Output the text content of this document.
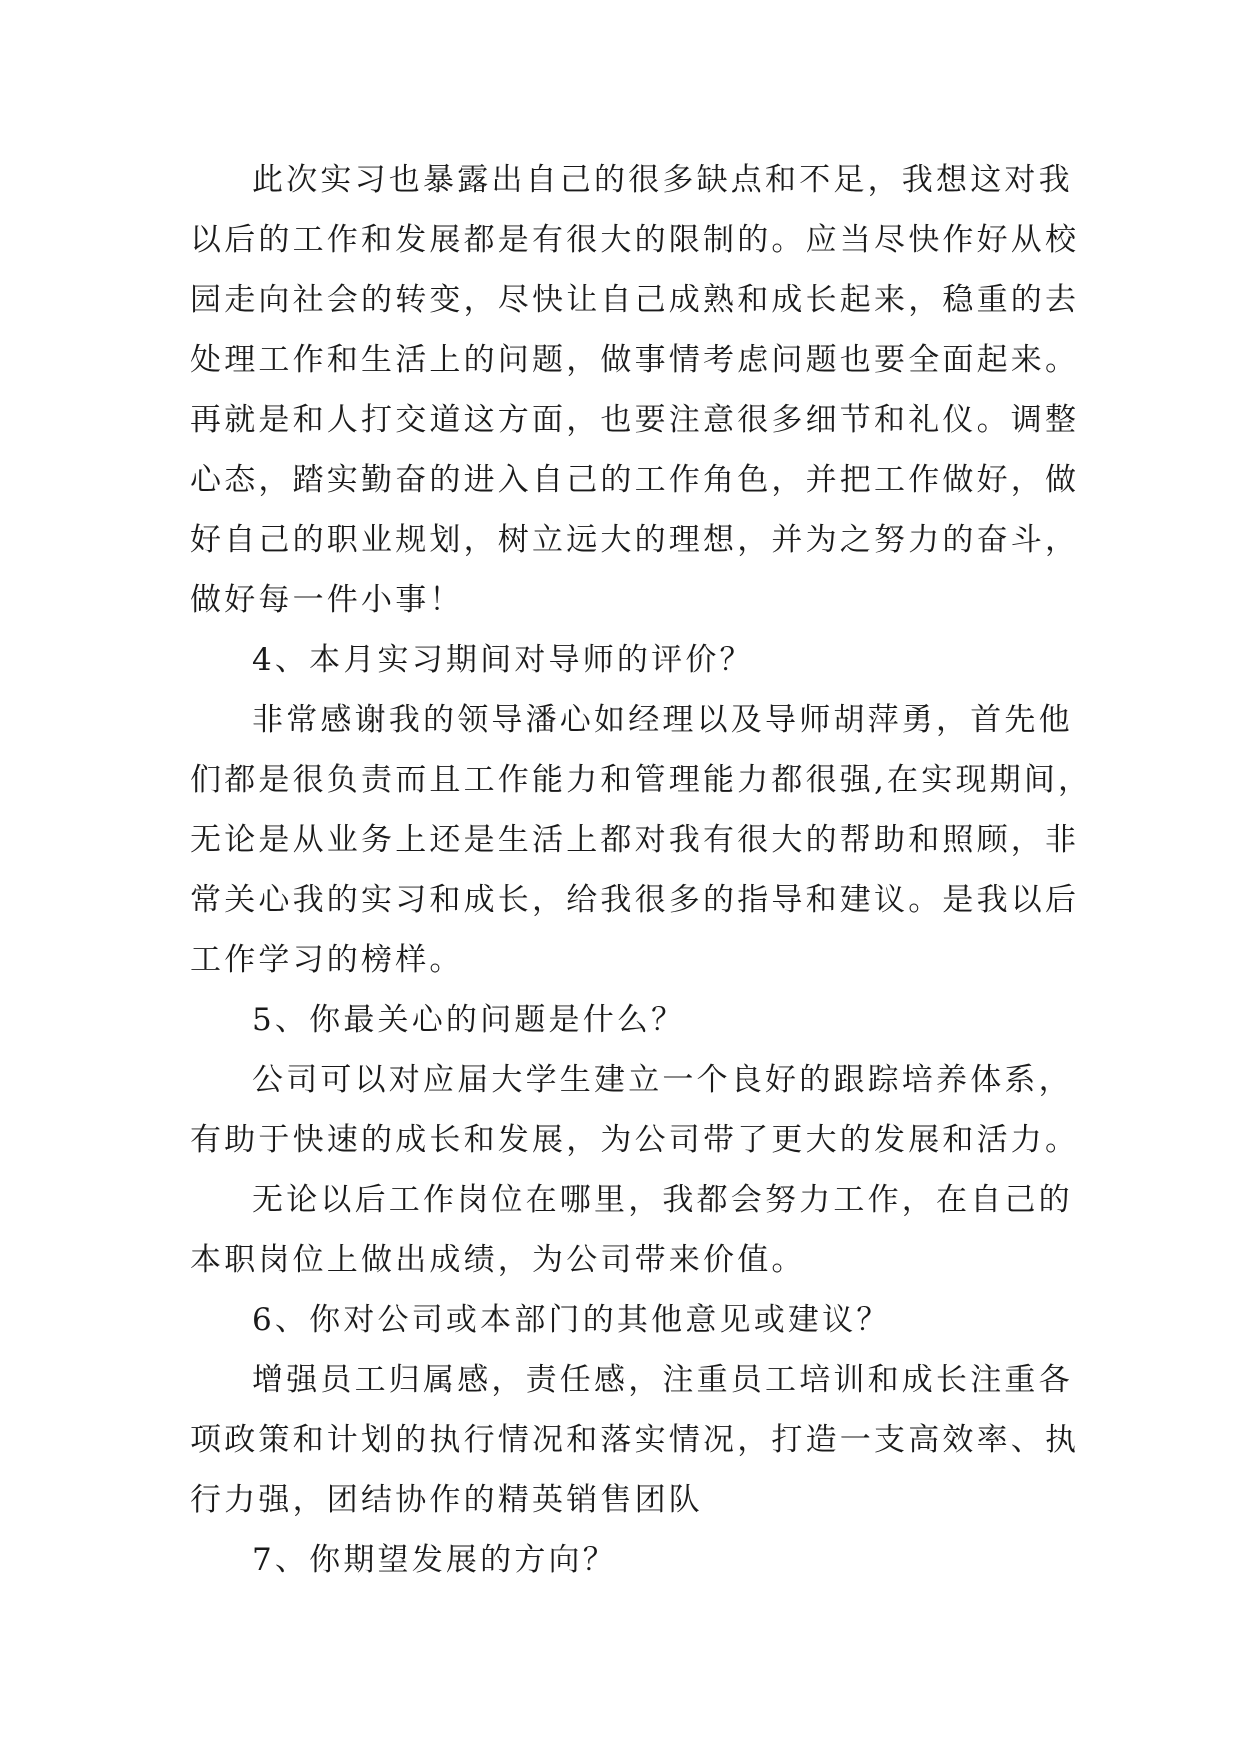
此次实习也暴露出自己的很多缺点和不足，我想这对我
以后的工作和发展都是有很大的限制的。应当尽快作好从校
园走向社会的转变，尽快让自己成熟和成长起来，稳重的去
处理工作和生活上的问题，做事情考虑问题也要全面起来。
再就是和人打交道这方面，也要注意很多细节和礼仪。调整
心态，踏实勤奋的进入自己的工作角色，并把工作做好，做
好自己的职业规划，树立远大的理想，并为之努力的奋斗，
做好每一件小事！
4、本月实习期间对导师的评价？
非常感谢我的领导潘心如经理以及导师胡萍勇，首先他
们都是很负责而且工作能力和管理能力都很强,在实现期间，
无论是从业务上还是生活上都对我有很大的帮助和照顾，非
常关心我的实习和成长，给我很多的指导和建议。是我以后
工作学习的榜样。
5、你最关心的问题是什么？
公司可以对应届大学生建立一个良好的跟踪培养体系，
有助于快速的成长和发展，为公司带了更大的发展和活力。
无论以后工作岗位在哪里，我都会努力工作，在自己的
本职岗位上做出成绩，为公司带来价值。
6、你对公司或本部门的其他意见或建议？
增强员工归属感，责任感，注重员工培训和成长注重各
项政策和计划的执行情况和落实情况，打造一支高效率、执
行力强，团结协作的精英销售团队
7、你期望发展的方向？
